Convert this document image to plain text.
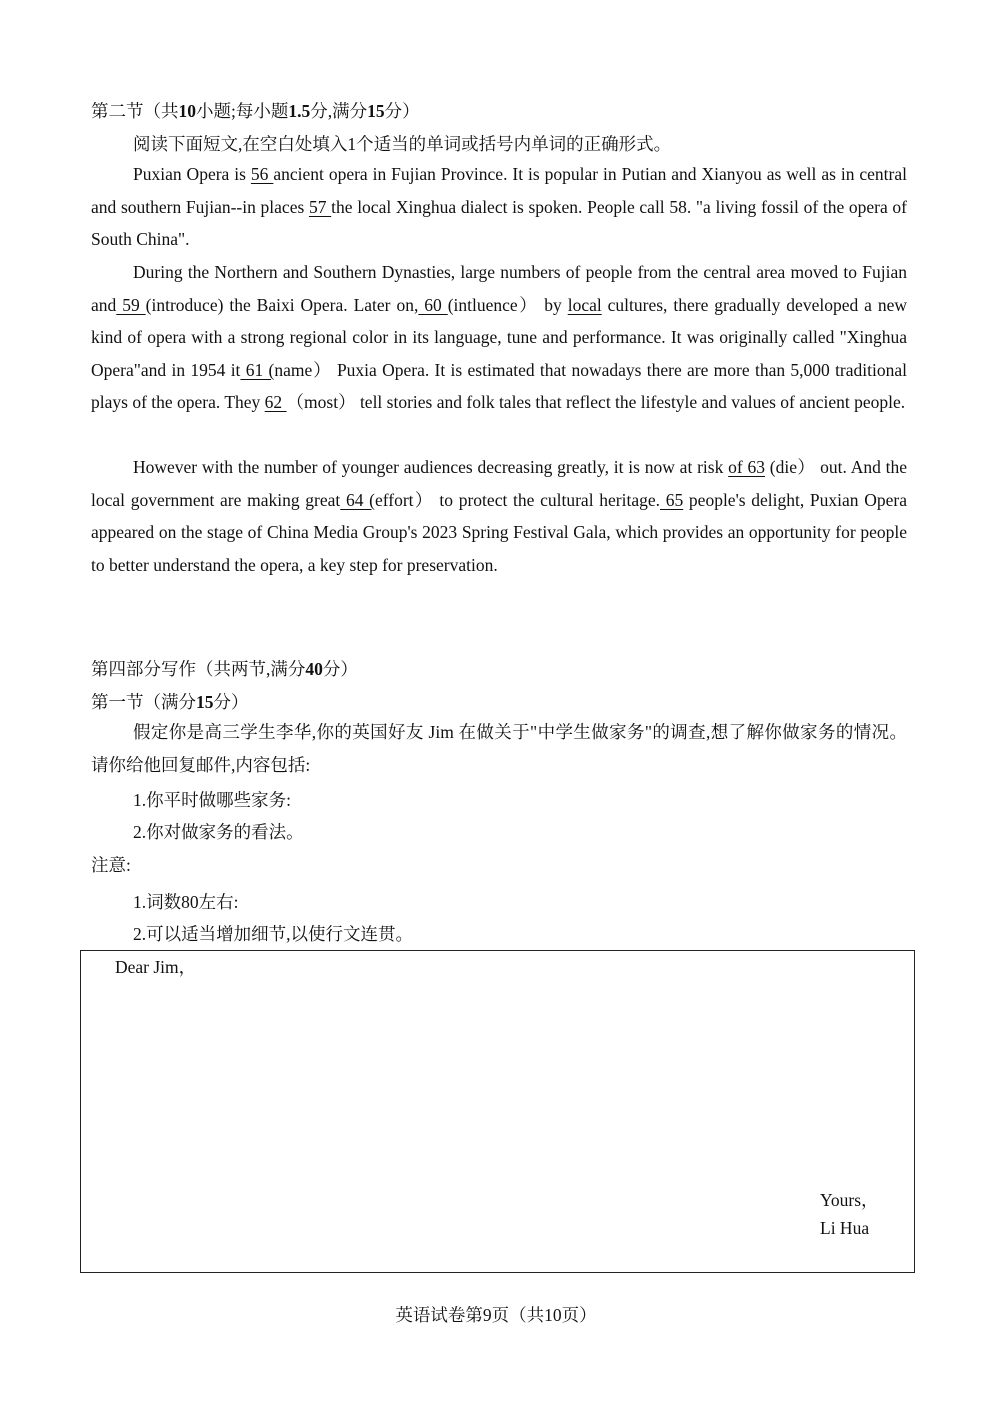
第二节（共10小题;每小题1.5分,满分15分）
阅读下面短文,在空白处填入1个适当的单词或括号内单词的正确形式。
Puxian Opera is 56 ancient opera in Fujian Province. It is popular in Putian and Xianyou as well as in central and southern Fujian--in places 57 the local Xinghua dialect is spoken. People call 58. "a living fossil of the opera of South China".
During the Northern and Southern Dynasties, large numbers of people from the central area moved to Fujian and 59 (introduce) the Baixi Opera. Later on, 60 (intluence） by local cultures, there gradually developed a new kind of opera with a strong regional color in its language, tune and performance. It was originally called "Xinghua Opera"and in 1954 it 61 (name） Puxia Opera. It is estimated that nowadays there are more than 5,000 traditional plays of the opera. They 62 （most） tell stories and folk tales that reflect the lifestyle and values of ancient people.
However with the number of younger audiences decreasing greatly, it is now at risk of 63 (die） out. And the local government are making great 64 (effort） to protect the cultural heritage. 65 people's delight, Puxian Opera appeared on the stage of China Media Group's 2023 Spring Festival Gala, which provides an opportunity for people to better understand the opera, a key step for preservation.
第四部分写作（共两节,满分40分）
第一节（满分15分）
假定你是高三学生李华,你的英国好友 Jim 在做关于"中学生做家务"的调查,想了解你做家务的情况。请你给他回复邮件,内容包括:
1.你平时做哪些家务:
2.你对做家务的看法。
注意:
1.词数80左右:
2.可以适当增加细节,以使行文连贯。
Dear Jim，
Yours，
Li Hua
英语试卷第9页（共10页）
